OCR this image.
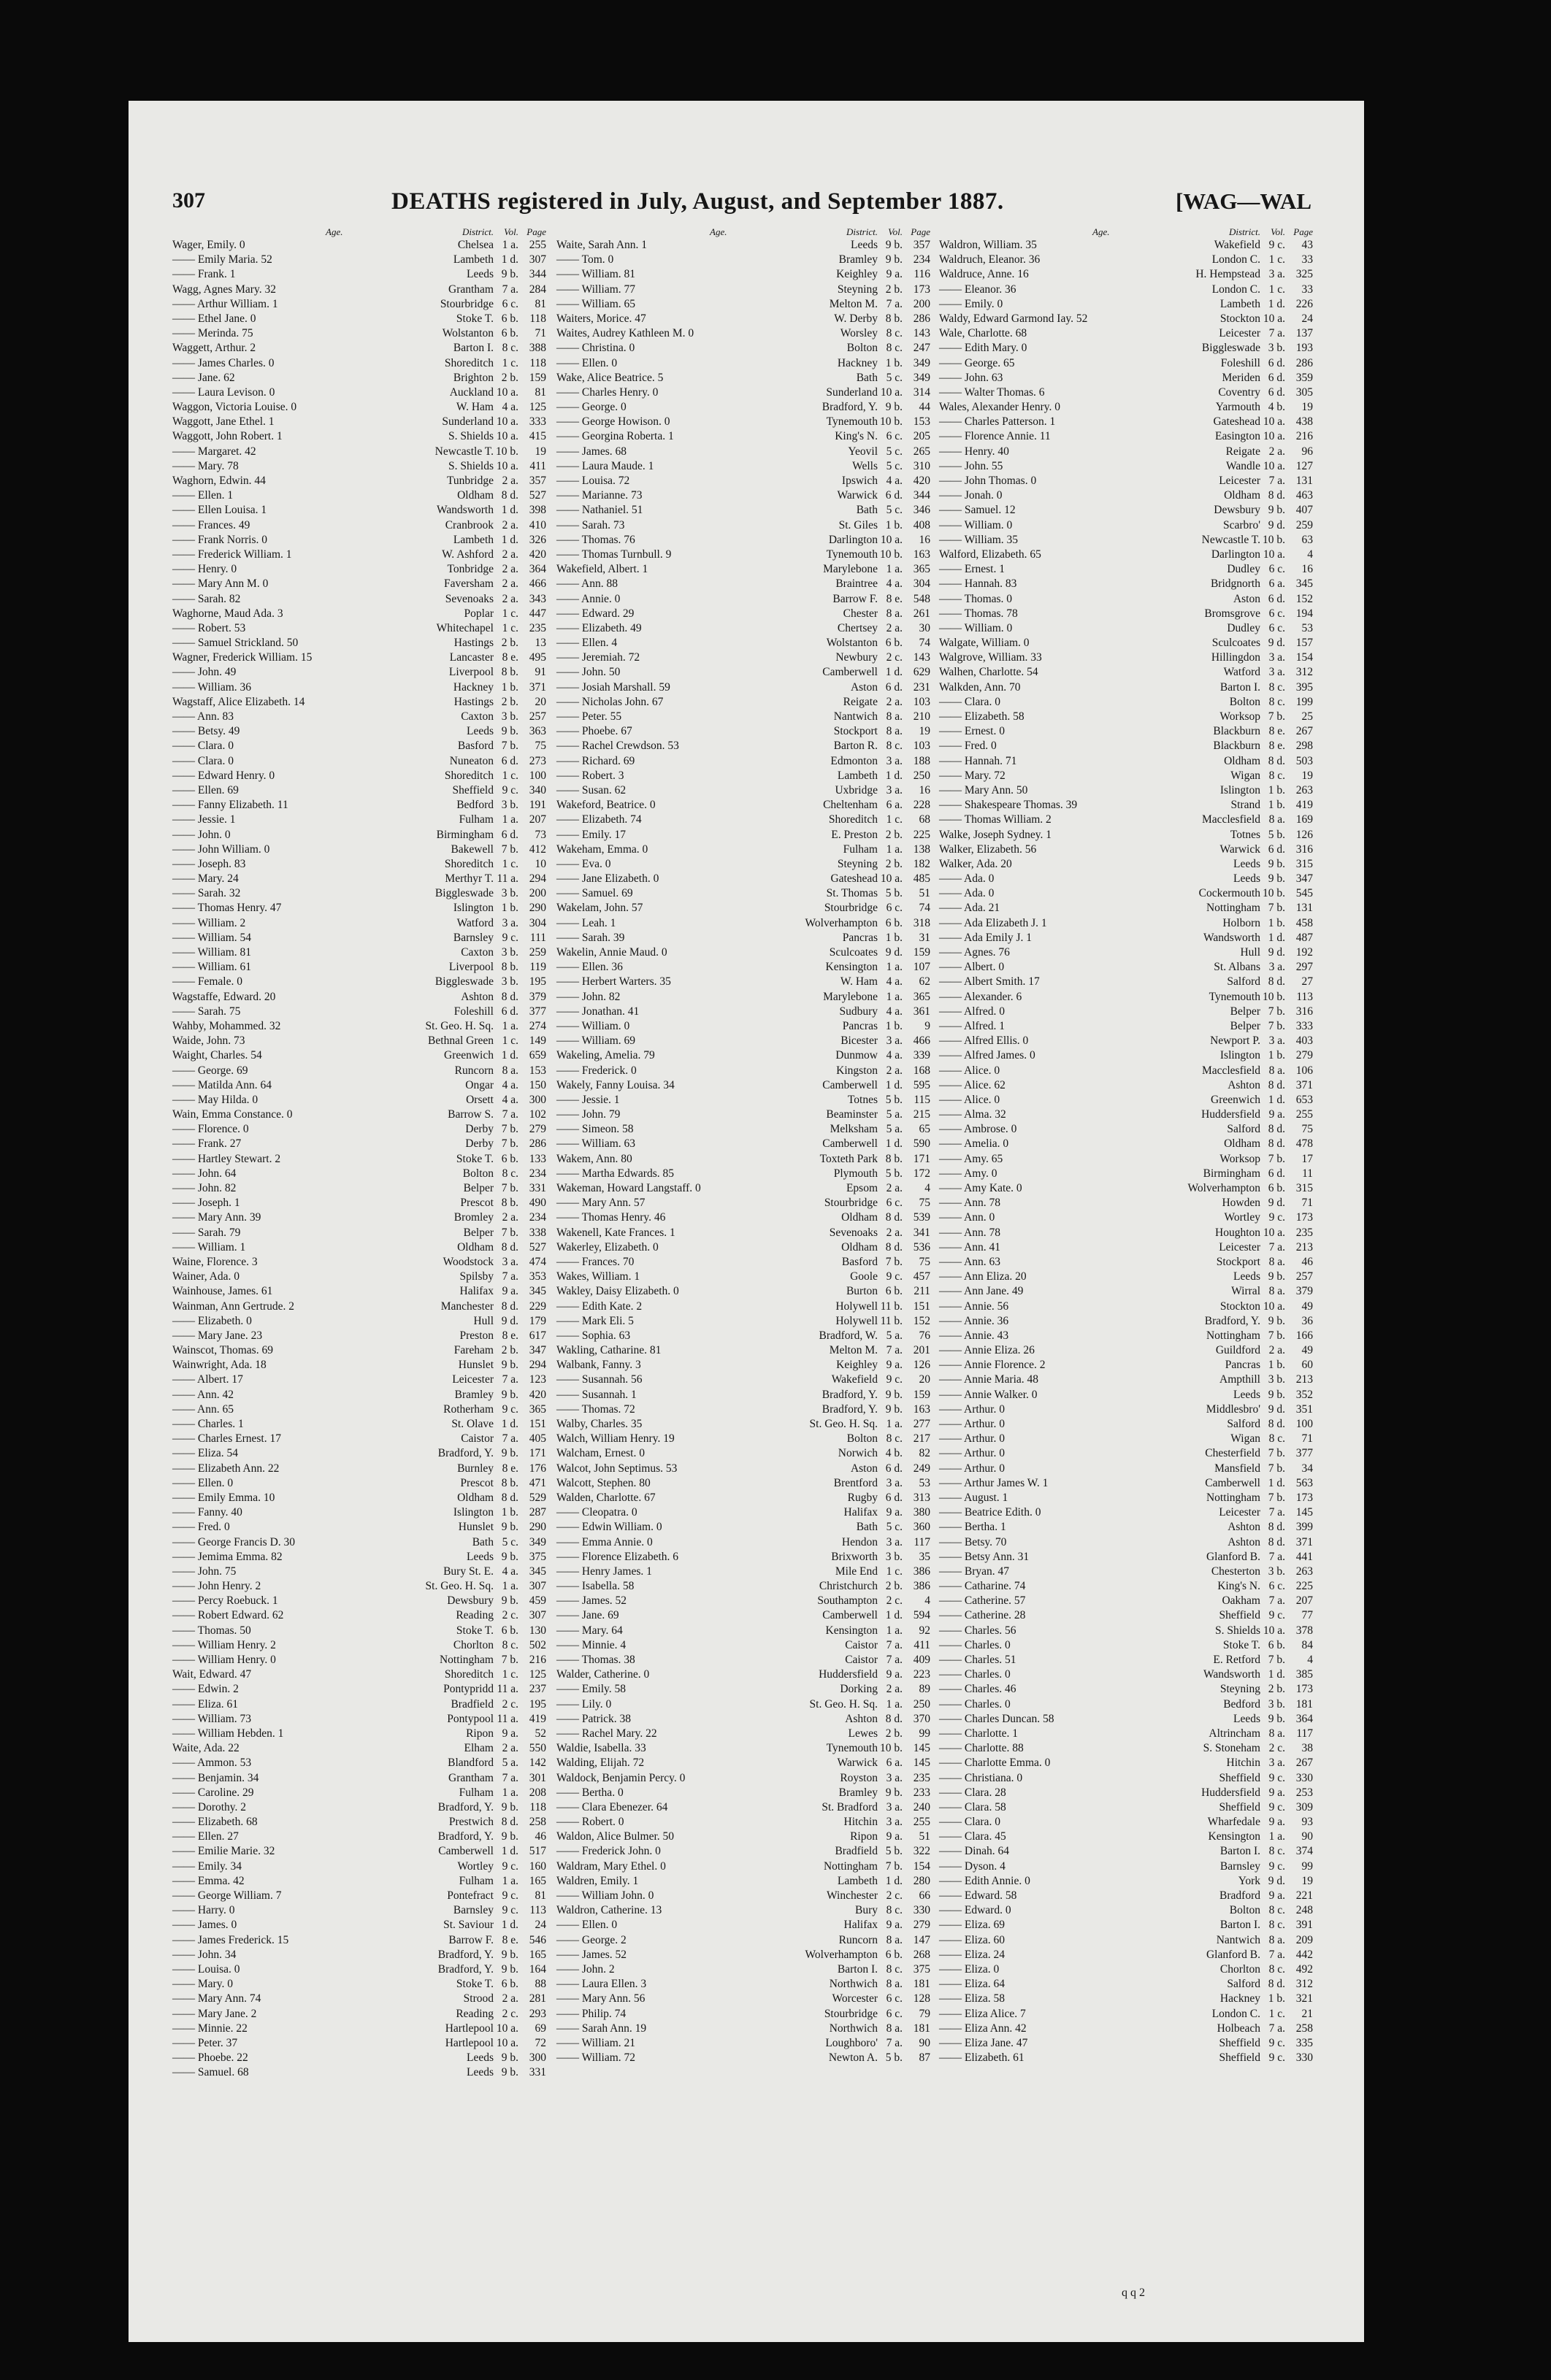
307	DEATHS registered in July, August, and September 1887.	[WAG—WAL
Age.	District. Vol. Page
Wager, Emily. 0	Chelsea 1 a. 255
—— Emily Maria. 52	Lambeth 1 d. 307
—— Frank. 1	Leeds 9 b. 344
Wagg, Agnes Mary. 32	Grantham 7 a. 284
—— Arthur William. 1	Stourbridge 6 c. 81
—— Ethel Jane. 0	Stoke T. 6 b. 118
—— Merinda. 75	Wolstanton 6 b. 71
Waggett, Arthur. 2	Barton I. 8 c. 388
—— James Charles. 0	Shoreditch 1 c. 118
—— Jane. 62	Brighton 2 b. 159
—— Laura Levison. 0	Auckland 10 a. 81
Waggon, Victoria Louise. 0	W. Ham 4 a. 125
Waggott, Jane Ethel. 1	Sunderland 10 a. 333
Waggott, John Robert. 1	S. Shields 10 a. 415
—— Margaret. 42	Newcastle T. 10 b. 19
—— Mary. 78	S. Shields 10 a. 411
Waghorn, Edwin. 44	Tunbridge 2 a. 357
—— Ellen. 1	Oldham 8 d. 527
—— Ellen Louisa. 1	Wandsworth 1 d. 398
—— Frances. 49	Cranbrook 2 a. 410
—— Frank Norris. 0	Lambeth 1 d. 326
—— Frederick William. 1	W. Ashford 2 a. 420
—— Henry. 0	Tonbridge 2 a. 364
—— Mary Ann M. 0	Faversham 2 a. 466
—— Sarah. 82	Sevenoaks 2 a. 343
Waghorne, Maud Ada. 3	Poplar 1 c. 447
—— Robert. 53	Whitechapel 1 c. 235
—— Samuel Strickland. 50	Hastings 2 b. 13
Wagner, Frederick William. 15	Lancaster 8 e. 495
—— John. 49	Liverpool 8 b. 91
—— William. 36	Hackney 1 b. 371
Wagstaff, Alice Elizabeth. 14	Hastings 2 b. 20
—— Ann. 83	Caxton 3 b. 257
—— Betsy. 49	Leeds 9 b. 363
—— Clara. 0	Basford 7 b. 75
—— Clara. 0	Nuneaton 6 d. 273
—— Edward Henry. 0	Shoreditch 1 c. 100
—— Ellen. 69	Sheffield 9 c. 340
—— Fanny Elizabeth. 11	Bedford 3 b. 191
—— Jessie. 1	Fulham 1 a. 207
—— John. 0	Birmingham 6 d. 73
—— John William. 0	Bakewell 7 b. 412
—— Joseph. 83	Shoreditch 1 c. 10
—— Mary. 24	Merthyr T. 11 a. 294
—— Sarah. 32	Biggleswade 3 b. 200
—— Thomas Henry. 47	Islington 1 b. 290
—— William. 2	Watford 3 a. 304
—— William. 54	Barnsley 9 c. 111
—— William. 81	Caxton 3 b. 259
—— William. 61	Liverpool 8 b. 119
—— Female. 0	Biggleswade 3 b. 195
Wagstaffe, Edward. 20	Ashton 8 d. 379
—— Sarah. 75	Foleshill 6 d. 377
Wahby, Mohammed. 32	St. Geo. H. Sq. 1 a. 274
Waide, John. 73	Bethnal Green 1 c. 149
Waight, Charles. 54	Greenwich 1 d. 659
—— George. 69	Runcorn 8 a. 153
—— Matilda Ann. 64	Ongar 4 a. 150
—— May Hilda. 0	Orsett 4 a. 300
Wain, Emma Constance. 0	Barrow S. 7 a. 102
—— Florence. 0	Derby 7 b. 279
—— Frank. 27	Derby 7 b. 286
—— Hartley Stewart. 2	Stoke T. 6 b. 133
—— John. 64	Bolton 8 c. 234
—— John. 82	Belper 7 b. 331
—— Joseph. 1	Prescot 8 b. 490
—— Mary Ann. 39	Bromley 2 a. 234
—— Sarah. 79	Belper 7 b. 338
—— William. 1	Oldham 8 d. 527
Waine, Florence. 3	Woodstock 3 a. 474
Wainer, Ada. 0	Spilsby 7 a. 353
Wainhouse, James. 61	Halifax 9 a. 345
Wainman, Ann Gertrude. 2	Manchester 8 d. 229
—— Elizabeth. 0	Hull 9 d. 179
—— Mary Jane. 23	Preston 8 e. 617
Wainscot, Thomas. 69	Fareham 2 b. 347
Wainwright, Ada. 18	Hunslet 9 b. 294
—— Albert. 17	Leicester 7 a. 123
—— Ann. 42	Bramley 9 b. 420
—— Ann. 65	Rotherham 9 c. 365
—— Charles. 1	St. Olave 1 d. 151
—— Charles Ernest. 17	Caistor 7 a. 405
—— Eliza. 54	Bradford, Y. 9 b. 171
—— Elizabeth Ann. 22	Burnley 8 e. 176
—— Ellen. 0	Prescot 8 b. 471
—— Emily Emma. 10	Oldham 8 d. 529
—— Fanny. 40	Islington 1 b. 287
—— Fred. 0	Hunslet 9 b. 290
—— George Francis D. 30	Bath 5 c. 349
—— Jemima Emma. 82	Leeds 9 b. 375
—— John. 75	Bury St. E. 4 a. 345
—— John Henry. 2	St. Geo. H. Sq. 1 a. 307
—— Percy Roebuck. 1	Dewsbury 9 b. 459
—— Robert Edward. 62	Reading 2 c. 307
—— Thomas. 50	Stoke T. 6 b. 130
—— William Henry. 2	Chorlton 8 c. 502
—— William Henry. 0	Nottingham 7 b. 216
Wait, Edward. 47	Shoreditch 1 c. 125
—— Edwin. 2	Pontypridd 11 a. 237
—— Eliza. 61	Bradfield 2 c. 195
—— William. 73	Pontypool 11 a. 419
—— William Hebden. 1	Ripon 9 a. 52
Waite, Ada. 22	Elham 2 a. 550
—— Ammon. 53	Blandford 5 a. 142
—— Benjamin. 34	Grantham 7 a. 301
—— Caroline. 29	Fulham 1 a. 208
—— Dorothy. 2	Bradford, Y. 9 b. 118
—— Elizabeth. 68	Prestwich 8 d. 258
—— Ellen. 27	Bradford, Y. 9 b. 46
—— Emilie Marie. 32	Camberwell 1 d. 517
—— Emily. 34	Wortley 9 c. 160
—— Emma. 42	Fulham 1 a. 165
—— George William. 7	Pontefract 9 c. 81
—— Harry. 0	Barnsley 9 c. 113
—— James. 0	St. Saviour 1 d. 24
—— James Frederick. 15	Barrow F. 8 e. 546
—— John. 34	Bradford, Y. 9 b. 165
—— Louisa. 0	Bradford, Y. 9 b. 164
—— Mary. 0	Stoke T. 6 b. 88
—— Mary Ann. 74	Strood 2 a. 281
—— Mary Jane. 2	Reading 2 c. 293
—— Minnie. 22	Hartlepool 10 a. 69
—— Peter. 37	Hartlepool 10 a. 72
—— Phoebe. 22	Leeds 9 b. 300
—— Samuel. 68	Leeds 9 b. 331
Age.	District. Vol. Page
Waite, Sarah Ann. 1	Leeds 9 b. 357
—— Tom. 0	Bramley 9 b. 234
—— William. 81	Keighley 9 a. 116
—— William. 77	Steyning 2 b. 173
—— William. 65	Melton M. 7 a. 200
Waiters, Morice. 47	W. Derby 8 b. 286
Waites, Audrey Kathleen M. 0	Worsley 8 c. 143
—— Christina. 0	Bolton 8 c. 247
—— Ellen. 0	Hackney 1 b. 349
Wake, Alice Beatrice. 5	Bath 5 c. 349
—— Charles Henry. 0	Sunderland 10 a. 314
—— George. 0	Bradford, Y. 9 b. 44
—— George Howison. 0	Tynemouth 10 b. 153
—— Georgina Roberta. 1	King's N. 6 c. 205
—— James. 68	Yeovil 5 c. 265
—— Laura Maude. 1	Wells 5 c. 310
—— Louisa. 72	Ipswich 4 a. 420
—— Marianne. 73	Warwick 6 d. 344
—— Nathaniel. 51	Bath 5 c. 346
—— Sarah. 73	St. Giles 1 b. 408
—— Thomas. 76	Darlington 10 a. 16
—— Thomas Turnbull. 9	Tynemouth 10 b. 163
Wakefield, Albert. 1	Marylebone 1 a. 365
—— Ann. 88	Braintree 4 a. 304
—— Annie. 0	Barrow F. 8 e. 548
—— Edward. 29	Chester 8 a. 261
—— Elizabeth. 49	Chertsey 2 a. 30
—— Ellen. 4	Wolstanton 6 b. 74
—— Jeremiah. 72	Newbury 2 c. 143
—— John. 50	Camberwell 1 d. 629
—— Josiah Marshall. 59	Aston 6 d. 231
—— Nicholas John. 67	Reigate 2 a. 103
—— Peter. 55	Nantwich 8 a. 210
—— Phoebe. 67	Stockport 8 a. 19
—— Rachel Crewdson. 53	Barton R. 8 c. 103
—— Richard. 69	Edmonton 3 a. 188
—— Robert. 3	Lambeth 1 d. 250
—— Susan. 62	Uxbridge 3 a. 16
Wakeford, Beatrice. 0	Cheltenham 6 a. 228
—— Elizabeth. 74	Shoreditch 1 c. 68
—— Emily. 17	E. Preston 2 b. 225
Wakeham, Emma. 0	Fulham 1 a. 138
—— Eva. 0	Steyning 2 b. 182
—— Jane Elizabeth. 0	Gateshead 10 a. 485
—— Samuel. 69	St. Thomas 5 b. 51
Wakelam, John. 57	Stourbridge 6 c. 74
—— Leah. 1	Wolverhampton 6 b. 318
—— Sarah. 39	Pancras 1 b. 31
Wakelin, Annie Maud. 0	Sculcoates 9 d. 159
—— Ellen. 36	Kensington 1 a. 107
—— Herbert Warters. 35	W. Ham 4 a. 62
—— John. 82	Marylebone 1 a. 365
—— Jonathan. 41	Sudbury 4 a. 361
—— William. 0	Pancras 1 b. 9
—— William. 69	Bicester 3 a. 466
Wakeling, Amelia. 79	Dunmow 4 a. 339
—— Frederick. 0	Kingston 2 a. 168
Wakely, Fanny Louisa. 34	Camberwell 1 d. 595
—— Jessie. 1	Totnes 5 b. 115
—— John. 79	Beaminster 5 a. 215
—— Simeon. 58	Melksham 5 a. 65
—— William. 63	Camberwell 1 d. 590
Wakem, Ann. 80	Toxteth Park 8 b. 171
—— Martha Edwards. 85	Plymouth 5 b. 172
Wakeman, Howard Langstaff. 0	Epsom 2 a. 4
—— Mary Ann. 57	Stourbridge 6 c. 75
—— Thomas Henry. 46	Oldham 8 d. 539
Wakenell, Kate Frances. 1	Sevenoaks 2 a. 341
Wakerley, Elizabeth. 0	Oldham 8 d. 536
—— Frances. 70	Basford 7 b. 75
Wakes, William. 1	Goole 9 c. 457
Wakley, Daisy Elizabeth. 0	Burton 6 b. 211
—— Edith Kate. 2	Holywell 11 b. 151
—— Mark Eli. 5	Holywell 11 b. 152
—— Sophia. 63	Bradford, W. 5 a. 76
Wakling, Catharine. 81	Melton M. 7 a. 201
Walbank, Fanny. 3	Keighley 9 a. 126
—— Susannah. 56	Wakefield 9 c. 20
—— Susannah. 1	Bradford, Y. 9 b. 159
—— Thomas. 72	Bradford, Y. 9 b. 163
Walby, Charles. 35	St. Geo. H. Sq. 1 a. 277
Walch, William Henry. 19	Bolton 8 c. 217
Walcham, Ernest. 0	Norwich 4 b. 82
Walcot, John Septimus. 53	Aston 6 d. 249
Walcott, Stephen. 80	Brentford 3 a. 53
Walden, Charlotte. 67	Rugby 6 d. 313
—— Cleopatra. 0	Halifax 9 a. 380
—— Edwin William. 0	Bath 5 c. 360
—— Emma Annie. 0	Hendon 3 a. 117
—— Florence Elizabeth. 6	Brixworth 3 b. 35
—— Henry James. 1	Mile End 1 c. 386
—— Isabella. 58	Christchurch 2 b. 386
—— James. 52	Southampton 2 c. 4
—— Jane. 69	Camberwell 1 d. 594
—— Mary. 64	Kensington 1 a. 92
—— Minnie. 4	Caistor 7 a. 411
—— Thomas. 38	Caistor 7 a. 409
Walder, Catherine. 0	Huddersfield 9 a. 223
—— Emily. 58	Dorking 2 a. 89
—— Lily. 0	St. Geo. H. Sq. 1 a. 250
—— Patrick. 38	Ashton 8 d. 370
—— Rachel Mary. 22	Lewes 2 b. 99
Waldie, Isabella. 33	Tynemouth 10 b. 145
Walding, Elijah. 72	Warwick 6 a. 145
Waldock, Benjamin Percy. 0	Royston 3 a. 235
—— Bertha. 0	Bramley 9 b. 233
—— Clara Ebenezer. 64	St. Bradford 3 a. 240
—— Robert. 0	Hitchin 3 a. 255
Waldon, Alice Bulmer. 50	Ripon 9 a. 51
—— Frederick John. 0	Bradfield 5 b. 322
Waldram, Mary Ethel. 0	Nottingham 7 b. 154
Waldren, Emily. 1	Lambeth 1 d. 280
—— William John. 0	Winchester 2 c. 66
Waldron, Catherine. 13	Bury 8 c. 330
—— Ellen. 0	Halifax 9 a. 279
—— George. 2	Runcorn 8 a. 147
—— James. 52	Wolverhampton 6 b. 268
—— John. 2	Barton I. 8 c. 375
—— Laura Ellen. 3	Northwich 8 a. 181
—— Mary Ann. 56	Worcester 6 c. 128
—— Philip. 74	Stourbridge 6 c. 79
—— Sarah Ann. 19	Northwich 8 a. 181
—— William. 21	Loughboro' 7 a. 90
—— William. 72	Newton A. 5 b. 87
Age.	District. Vol. Page
Waldron, William. 35	Wakefield 9 c. 43
Waldruch, Eleanor. 36	London C. 1 c. 33
Waldruce, Anne. 16	H. Hempstead 3 a. 325
—— Eleanor. 36	London C. 1 c. 33
—— Emily. 0	Lambeth 1 d. 226
Waldy, Edward Garmond Iay. 52	Stockton 10 a. 24
Wale, Charlotte. 68	Leicester 7 a. 137
—— Edith Mary. 0	Biggleswade 3 b. 193
—— George. 65	Foleshill 6 d. 286
—— John. 63	Meriden 6 d. 359
—— Walter Thomas. 6	Coventry 6 d. 305
Wales, Alexander Henry. 0	Yarmouth 4 b. 19
—— Charles Patterson. 1	Gateshead 10 a. 438
—— Florence Annie. 11	Easington 10 a. 216
—— Henry. 40	Reigate 2 a. 96
—— John. 55	Wandle 10 a. 127
—— John Thomas. 0	Leicester 7 a. 131
—— Jonah. 0	Oldham 8 d. 463
—— Samuel. 12	Dewsbury 9 b. 407
—— William. 0	Scarbro' 9 d. 259
—— William. 35	Newcastle T. 10 b. 63
Walford, Elizabeth. 65	Darlington 10 a. 4
—— Ernest. 1	Dudley 6 c. 16
—— Hannah. 83	Bridgnorth 6 a. 345
—— Thomas. 0	Aston 6 d. 152
—— Thomas. 78	Bromsgrove 6 c. 194
—— William. 0	Dudley 6 c. 53
Walgate, William. 0	Sculcoates 9 d. 157
Walgrove, William. 33	Hillingdon 3 a. 154
Walhen, Charlotte. 54	Watford 3 a. 312
Walkden, Ann. 70	Barton I. 8 c. 395
—— Clara. 0	Bolton 8 c. 199
—— Elizabeth. 58	Worksop 7 b. 25
—— Ernest. 0	Blackburn 8 e. 267
—— Fred. 0	Blackburn 8 e. 298
—— Hannah. 71	Oldham 8 d. 503
—— Mary. 72	Wigan 8 c. 19
—— Mary Ann. 50	Islington 1 b. 263
—— Shakespeare Thomas. 39	Strand 1 b. 419
—— Thomas William. 2	Macclesfield 8 a. 169
Walke, Joseph Sydney. 1	Totnes 5 b. 126
Walker, Elizabeth. 56	Warwick 6 d. 316
Walker, Ada. 20	Leeds 9 b. 315
—— Ada. 0	Leeds 9 b. 347
—— Ada. 0	Cockermouth 10 b. 545
—— Ada. 21	Nottingham 7 b. 131
—— Ada Elizabeth J. 1	Holborn 1 b. 458
—— Ada Emily J. 1	Wandsworth 1 d. 487
—— Agnes. 76	Hull 9 d. 192
—— Albert. 0	St. Albans 3 a. 297
—— Albert Smith. 17	Salford 8 d. 27
—— Alexander. 6	Tynemouth 10 b. 113
—— Alfred. 0	Belper 7 b. 316
—— Alfred. 1	Belper 7 b. 333
—— Alfred Ellis. 0	Newport P. 3 a. 403
—— Alfred James. 0	Islington 1 b. 279
—— Alice. 0	Macclesfield 8 a. 106
—— Alice. 62	Ashton 8 d. 371
—— Alice. 0	Greenwich 1 d. 653
—— Alma. 32	Huddersfield 9 a. 255
—— Ambrose. 0	Salford 8 d. 75
—— Amelia. 0	Oldham 8 d. 478
—— Amy. 65	Worksop 7 b. 17
—— Amy. 0	Birmingham 6 d. 11
—— Amy Kate. 0	Wolverhampton 6 b. 315
—— Ann. 78	Howden 9 d. 71
—— Ann. 0	Wortley 9 c. 173
—— Ann. 78	Houghton 10 a. 235
—— Ann. 41	Leicester 7 a. 213
—— Ann. 63	Stockport 8 a. 46
—— Ann Eliza. 20	Leeds 9 b. 257
—— Ann Jane. 49	Wirral 8 a. 379
—— Annie. 56	Stockton 10 a. 49
—— Annie. 36	Bradford, Y. 9 b. 36
—— Annie. 43	Nottingham 7 b. 166
—— Annie Eliza. 26	Guildford 2 a. 49
—— Annie Florence. 2	Pancras 1 b. 60
—— Annie Maria. 48	Ampthill 3 b. 213
—— Annie Walker. 0	Leeds 9 b. 352
—— Arthur. 0	Middlesbro' 9 d. 351
—— Arthur. 0	Salford 8 d. 100
—— Arthur. 0	Wigan 8 c. 71
—— Arthur. 0	Chesterfield 7 b. 377
—— Arthur. 0	Mansfield 7 b. 34
—— Arthur James W. 1	Camberwell 1 d. 563
—— August. 1	Nottingham 7 b. 173
—— Beatrice Edith. 0	Leicester 7 a. 145
—— Bertha. 1	Ashton 8 d. 399
—— Betsy. 70	Ashton 8 d. 371
—— Betsy Ann. 31	Glanford B. 7 a. 441
—— Bryan. 47	Chesterton 3 b. 263
—— Catharine. 74	King's N. 6 c. 225
—— Catherine. 57	Oakham 7 a. 207
—— Catherine. 28	Sheffield 9 c. 77
—— Charles. 56	S. Shields 10 a. 378
—— Charles. 0	Stoke T. 6 b. 84
—— Charles. 51	E. Retford 7 b. 4
—— Charles. 0	Wandsworth 1 d. 385
—— Charles. 46	Steyning 2 b. 173
—— Charles. 0	Bedford 3 b. 181
—— Charles Duncan. 58	Leeds 9 b. 364
—— Charlotte. 1	Altrincham 8 a. 117
—— Charlotte. 88	S. Stoneham 2 c. 38
—— Charlotte Emma. 0	Hitchin 3 a. 267
—— Christiana. 0	Sheffield 9 c. 330
—— Clara. 28	Huddersfield 9 a. 253
—— Clara. 58	Sheffield 9 c. 309
—— Clara. 0	Wharfedale 9 a. 93
—— Clara. 45	Kensington 1 a. 90
—— Dinah. 64	Barton I. 8 c. 374
—— Dyson. 4	Barnsley 9 c. 99
—— Edith Annie. 0	York 9 d. 19
—— Edward. 58	Bradford 9 a. 221
—— Edward. 0	Bolton 8 c. 248
—— Eliza. 69	Barton I. 8 c. 391
—— Eliza. 60	Nantwich 8 a. 209
—— Eliza. 24	Glanford B. 7 a. 442
—— Eliza. 0	Chorlton 8 c. 492
—— Eliza. 64	Salford 8 d. 312
—— Eliza. 58	Hackney 1 b. 321
—— Eliza Alice. 7	London C. 1 c. 21
—— Eliza Ann. 42	Holbeach 7 a. 258
—— Eliza Jane. 47	Sheffield 9 c. 335
—— Elizabeth. 61	Sheffield 9 c. 330
q q 2
